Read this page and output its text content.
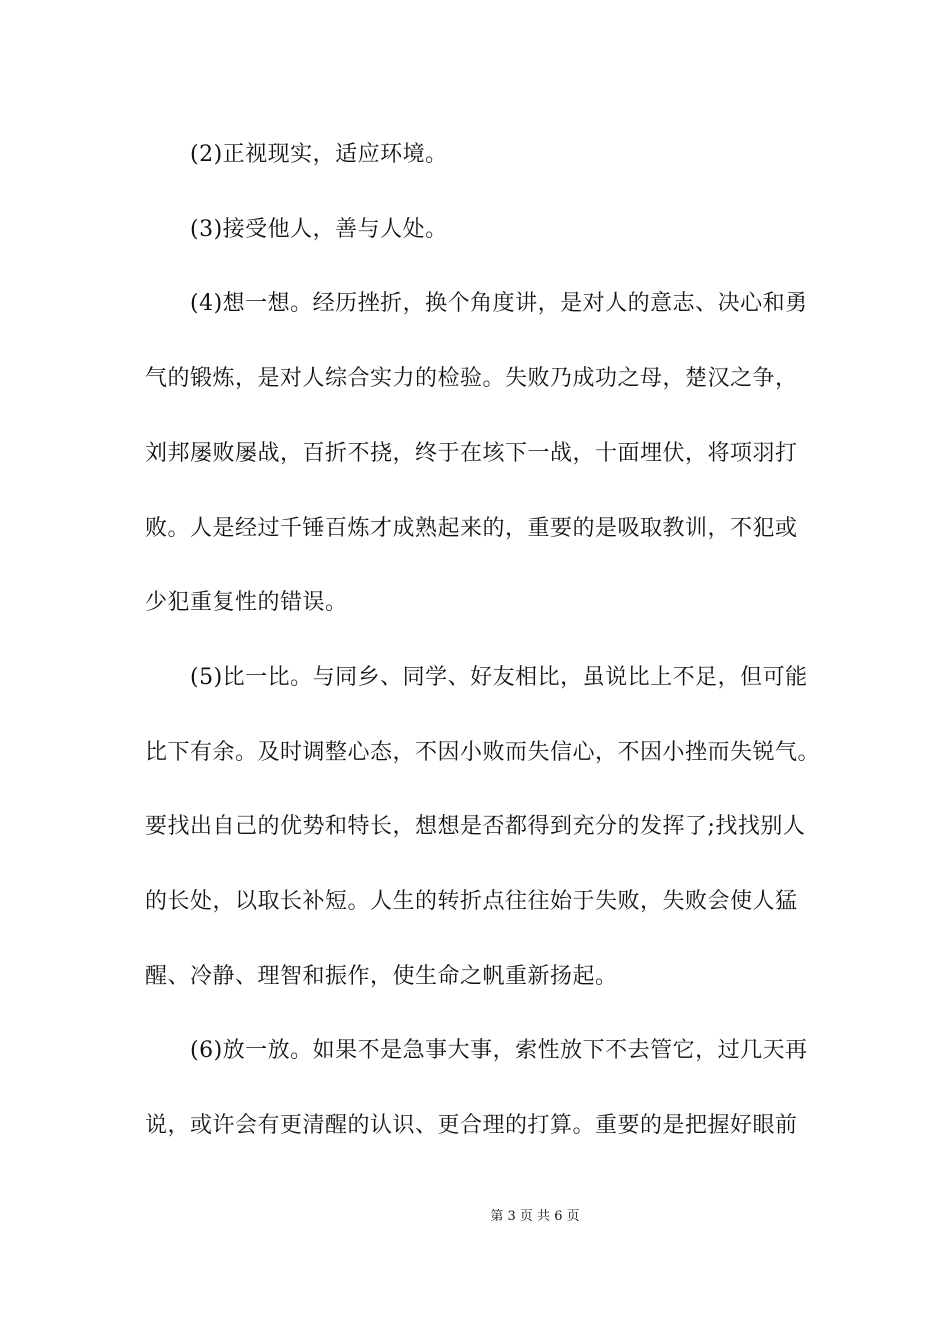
(2)正视现实，适应环境。

(3)接受他人，善与人处。

(4)想一想。经历挫折，换个角度讲，是对人的意志、决心和勇

气的锻炼，是对人综合实力的检验。失败乃成功之母，楚汉之争，

刘邦屡败屡战，百折不挠，终于在垓下一战，十面埋伏，将项羽打

败。人是经过千锤百炼才成熟起来的，重要的是吸取教训，不犯或

少犯重复性的错误。

(5)比一比。与同乡、同学、好友相比，虽说比上不足，但可能

比下有余。及时调整心态，不因小败而失信心，不因小挫而失锐气。

要找出自己的优势和特长，想想是否都得到充分的发挥了;找找别人

的长处，以取长补短。人生的转折点往往始于失败，失败会使人猛

醒、冷静、理智和振作，使生命之帆重新扬起。

(6)放一放。如果不是急事大事，索性放下不去管它，过几天再

说，或许会有更清醒的认识、更合理的打算。重要的是把握好眼前

第 3 页 共 6 页
